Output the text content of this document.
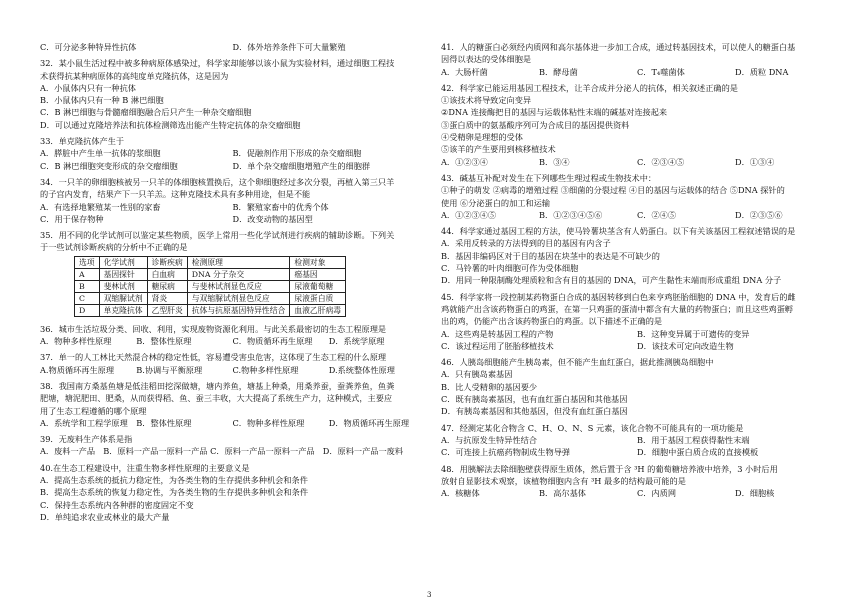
C．可分泌多种特异性抗体	D．体外培养条件下可大量繁殖
32．某小鼠生活过程中被多种病原体感染过，科学家却能够以该小鼠为实验材料，通过细胞工程技
术获得抗某种病原体的高纯度单克隆抗体，这是因为
A．小鼠体内只有一种抗体
B．小鼠体内只有一种 B 淋巴细胞
C．B 淋巴细胞与骨髓瘤细胞融合后只产生一种杂交瘤细胞
D．可以通过克隆培养法和抗体检测筛选出能产生特定抗体的杂交瘤细胞
33．单克隆抗体产生于
A．膵脏中产生单一抗体的浆细胞	B．促融剂作用下形成的杂交瘤细胞
C．B 淋巴细胞突变形成的杂交瘤细胞	D．单个杂交瘤细胞增殖产生的细胞群
34．一只羊的卵细胞核被另一只羊的体细胞核置换后，这个卵细胞经过多次分裂，再植入第三只羊
的子宫内发育，结果产下一只羊羔。这种克隆技术具有多种用途，但是不能
A．有选择地繁殖某一性别的家畜	B．繁殖家畜中的优秀个体
C．用于保存物种	D．改变动物的基因型
35．用不同的化学试剂可以鉴定某些物质，医学上常用一些化学试剂进行疾病的辅助诊断。下列关
于一些试剂诊断疾病的分析中不正确的是
选项	化学试剂	诊断疾病	检测原理	检测对象
A	基因探针	白血病	DNA 分子杂交	癌基因
B	斐林试剂	糖尿病	与斐林试剂显色反应	尿液葡萄糖
C	双缩脲试剂	肾炎	与双缩脲试剂显色反应	尿液蛋白质
D	单克隆抗体	乙型肝炎	抗体与抗原基因特异性结合	血液乙肝病毒
36．城市生活垃圾分类、回收、利用，实现废物资源化利用。与此关系最密切的生态工程原理是
A．物种多样性原理	B．整体性原理	C．物质循环再生原理	D．系统学原理
37．单一的人工林比天然混合林的稳定性低，容易遭受害虫危害，这体现了生态工程的什么原理
A.物质循环再生原理	B.协调与平衡原理	C.物种多样性原理	D.系统整体性原理
38．我国南方桑基鱼塘是低洼稻田挖深做塘，塘内养鱼，塘基上种桑，用桑养蚕，蚕粪养鱼，鱼粪
肥塘，塘泥肥田、肥桑，从而获得稻、鱼、蚕三丰收，大大提高了系统生产力，这种模式，主要应
用了生态工程遵循的哪个原理
A．系统学和工程学原理	B．整体性原理	C．物种多样性原理	D．物质循环再生原理
39．无废料生产体系是指
A．废料一产品　B．原料一产品一原料一产品 C．原料一产品一原料一产品　D．原料一产品一废料
40.在生态工程建设中，注重生物多样性原理的主要意义是
A．提高生态系统的抵抗力稳定性，为各类生物的生存提供多种机会和条件
B．提高生态系统的恢复力稳定性，为各类生物的生存提供多种机会和条件
C．保持生态系统内各种群的密度固定不变
D．单纯追求农业或林业的最大产量
41．人的糖蛋白必须经内质网和高尔基体进一步加工合成，通过转基因技术，可以使人的糖蛋白基
因得以表达的受体细胞是
A．大肠杆菌	B．酵母菌	C．T₄噬菌体	D．质粒 DNA
42．科学家已能运用基因工程技术，让羊合成并分泌人的抗体，相关叙述正确的是
①该技术将导致定向变异
②DNA 连接酶把目的基因与运载体粘性末端的碱基对连接起来
③蛋白质中的氨基酸序列可为合成目的基因提供资料
④受精卵是理想的受体
⑤该羊的产生要用到核移植技术
A．①②③④	B．③④	C．②③④⑤	D．①③④
43．碱基互补配对发生在下列哪些生理过程或生物技术中：
①种子的萌发 ②病毒的增殖过程 ③细菌的分裂过程 ④目的基因与运载体的结合 ⑤DNA 探针的
使用 ⑥分泌蛋白的加工和运输
A．①②③④⑤	B．①②③④⑤⑥	C．②④⑤	D．②③⑤⑥
44．科学家通过基因工程的方法，使马铃薯块茎含有人奶蛋白。以下有关该基因工程叙述错误的是
A．采用反转录的方法得到的目的基因有内含子
B．基因非编码区对于目的基因在块茎中的表达是不可缺少的
C．马铃薯的叶肉细胞可作为受体细胞
D．用同一种限制酶处理质粒和含有目的基因的 DNA，可产生黏性末端而形成重组 DNA 分子
45．科学家将一段控制某药物蛋白合成的基因转移到白色来亨鸡胚胎细胞的 DNA 中，发育后的雌
鸡就能产出含该药物蛋白的鸡蛋，在第一只鸡蛋的蛋清中都含有大量的药物蛋白；而且这些鸡蛋孵
出的鸡，仍能产出含该药物蛋白的鸡蛋。以下描述不正确的是
A．这些鸡是转基因工程的产物	B．这种变异属于可遗传的变异
C．该过程运用了胚胎移植技术	D．该技术可定向改造生物
46．人胰岛细胞能产生胰岛素，但不能产生血红蛋白，据此推测胰岛细胞中
A．只有胰岛素基因
B．比人受精卵的基因要少
C．既有胰岛素基因，也有血红蛋白基因和其他基因
D．有胰岛素基因和其他基因，但没有血红蛋白基因
47．经测定某化合物含 C、H、O、N、S 元素，该化合物不可能具有的一项功能是
A．与抗原发生特异性结合	B．用于基因工程获得黏性末端
C．可连接上抗癌药物制成生物导弹	D．细胞中蛋白质合成的直接模板
48．用胰解法去除细胞壁获得原生质体，然后置于含 ³H 的葡萄糖培养液中培养，3 小时后用
放射自显影技术观察，该植物细胞内含有 ³H 最多的结构最可能的是
A．核糖体	B．高尔基体	C．内质网	D．细胞核
3
